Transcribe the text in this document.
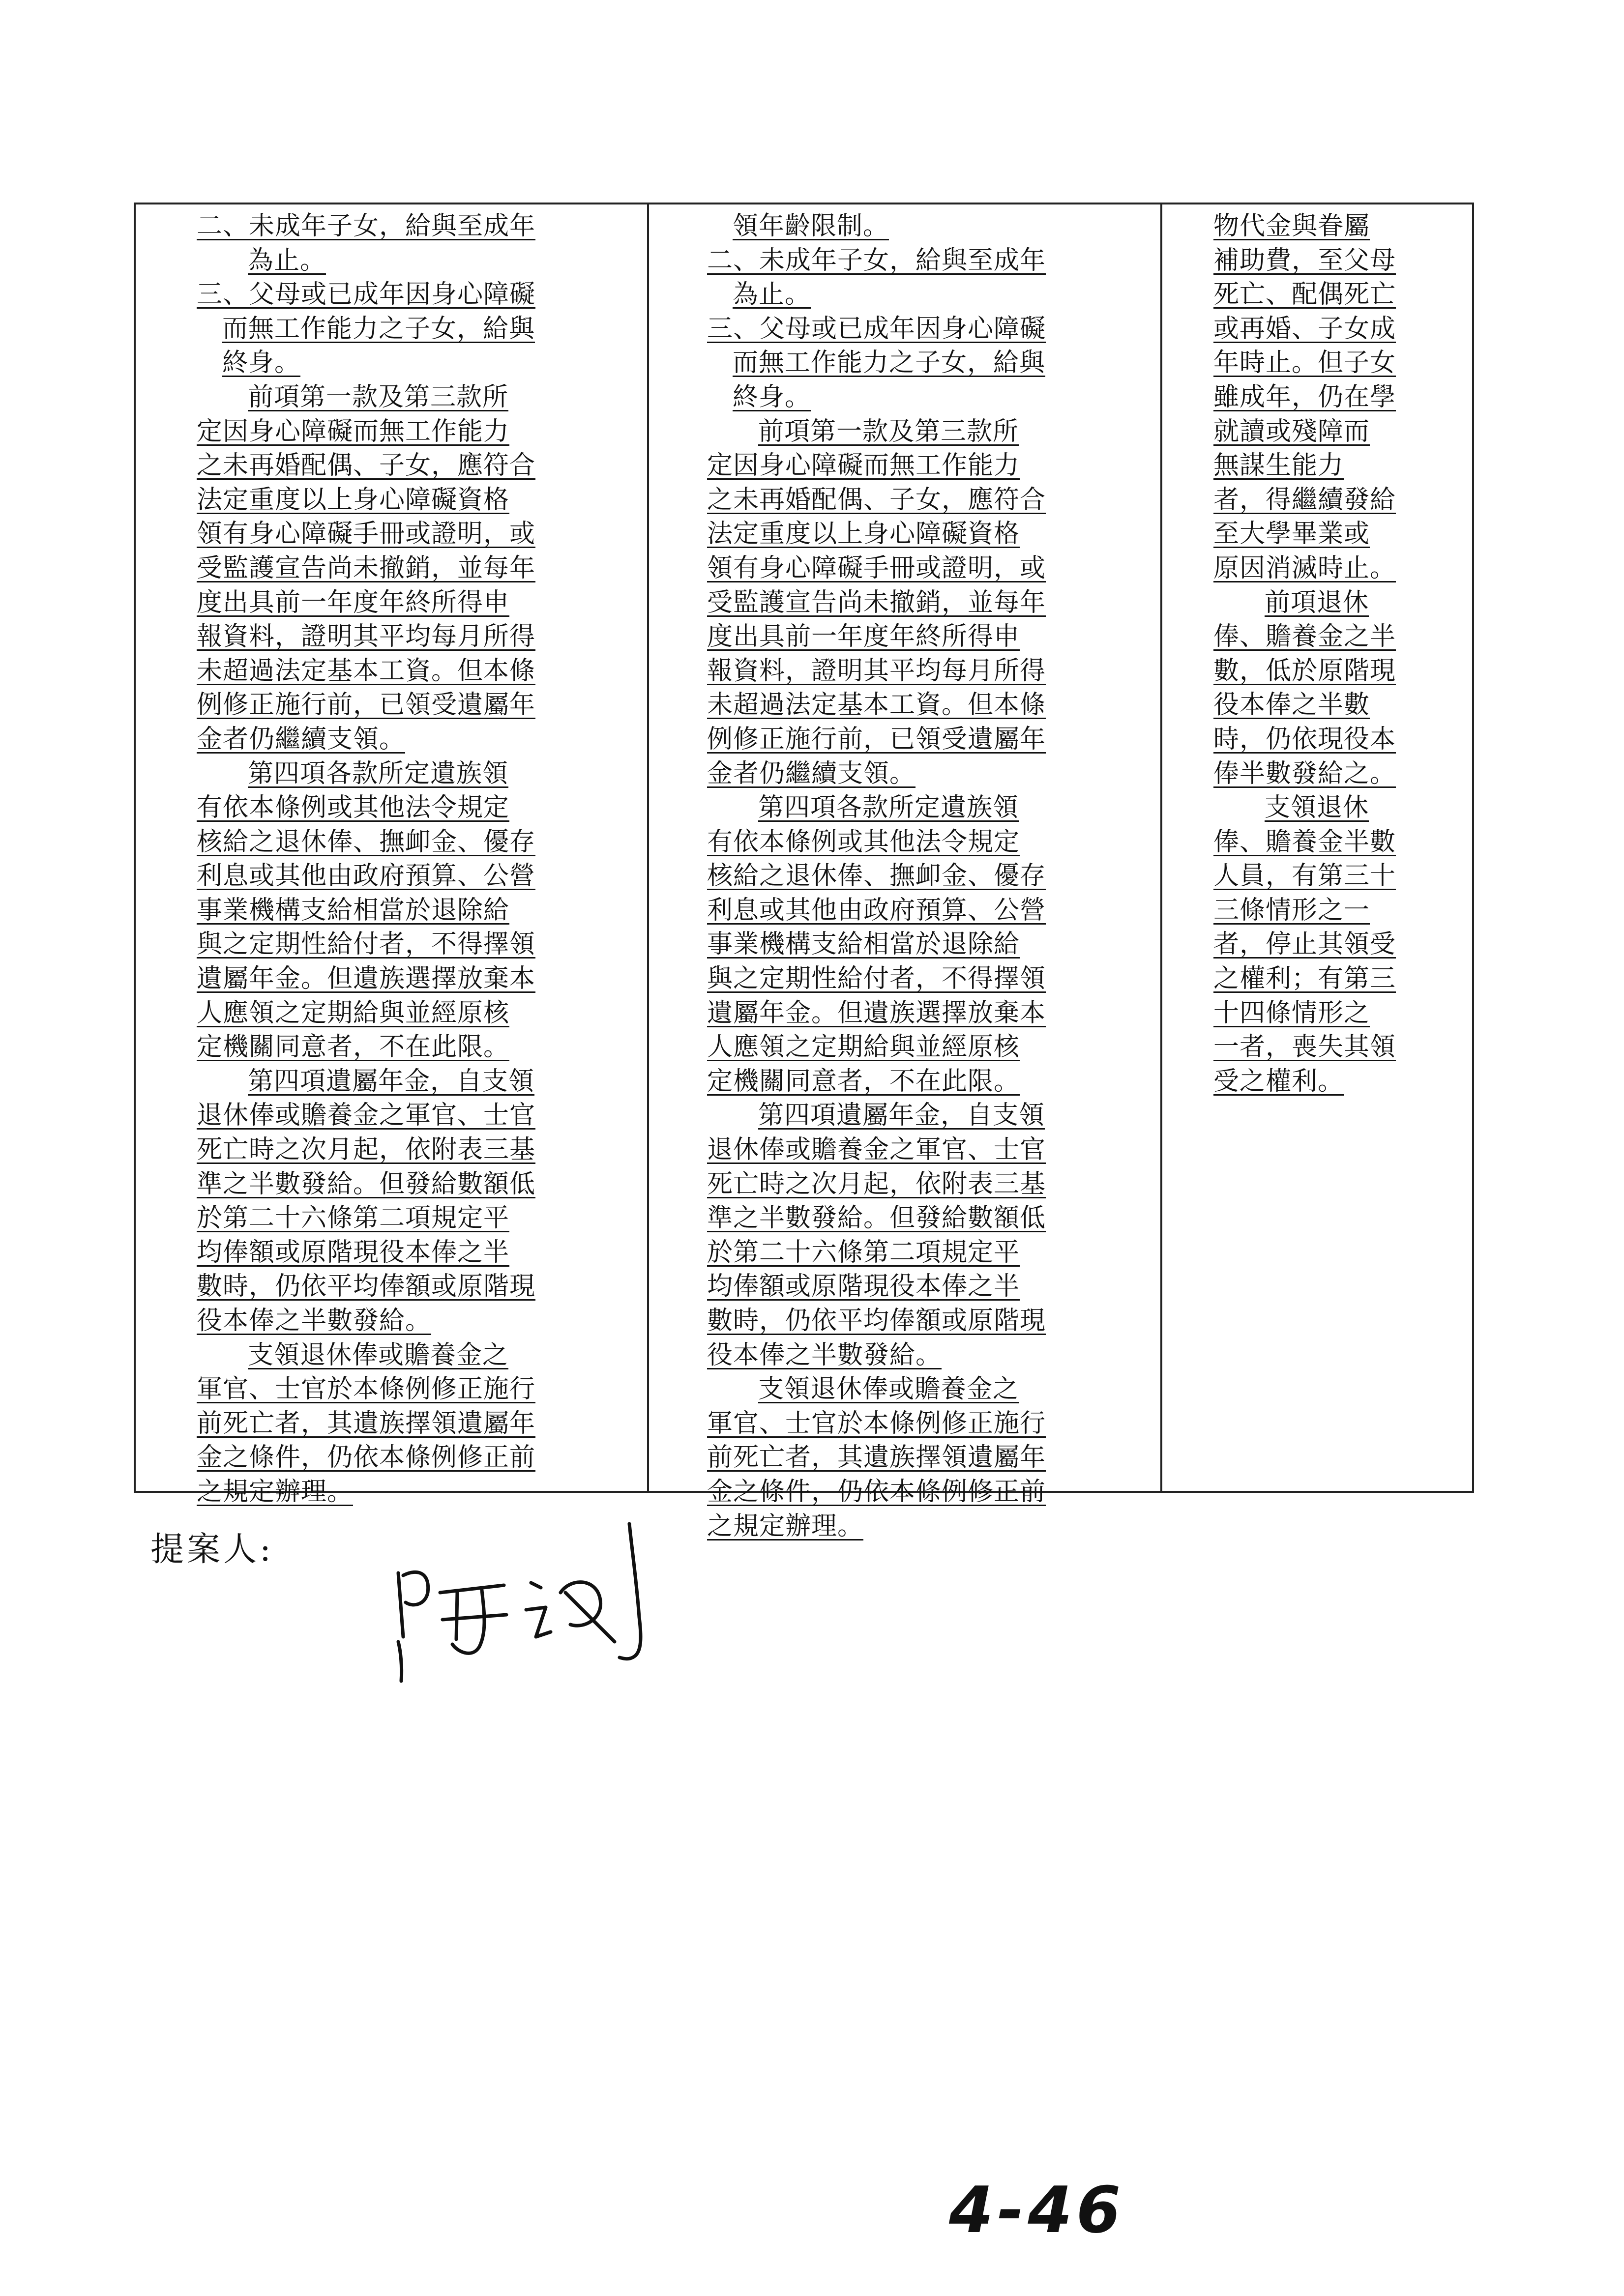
二、未成年子女，給與至成年
為止。
三、父母或已成年因身心障礙
而無工作能力之子女，給與
終身。
前項第一款及第三款所
定因身心障礙而無工作能力
之未再婚配偶、子女，應符合
法定重度以上身心障礙資格
領有身心障礙手冊或證明，或
受監護宣告尚未撤銷，並每年
度出具前一年度年終所得申
報資料，證明其平均每月所得
未超過法定基本工資。但本條
例修正施行前，已領受遺屬年
金者仍繼續支領。
第四項各款所定遺族領
有依本條例或其他法令規定
核給之退休俸、撫卹金、優存
利息或其他由政府預算、公營
事業機構支給相當於退除給
與之定期性給付者，不得擇領
遺屬年金。但遺族選擇放棄本
人應領之定期給與並經原核
定機關同意者，不在此限。
第四項遺屬年金，自支領
退休俸或贍養金之軍官、士官
死亡時之次月起，依附表三基
準之半數發給。但發給數額低
於第二十六條第二項規定平
均俸額或原階現役本俸之半
數時，仍依平均俸額或原階現
役本俸之半數發給。
支領退休俸或贍養金之
軍官、士官於本條例修正施行
前死亡者，其遺族擇領遺屬年
金之條件，仍依本條例修正前
之規定辦理。
領年齡限制。
二、未成年子女，給與至成年
為止。
三、父母或已成年因身心障礙
而無工作能力之子女，給與
終身。
前項第一款及第三款所
定因身心障礙而無工作能力
之未再婚配偶、子女，應符合
法定重度以上身心障礙資格
領有身心障礙手冊或證明，或
受監護宣告尚未撤銷，並每年
度出具前一年度年終所得申
報資料，證明其平均每月所得
未超過法定基本工資。但本條
例修正施行前，已領受遺屬年
金者仍繼續支領。
第四項各款所定遺族領
有依本條例或其他法令規定
核給之退休俸、撫卹金、優存
利息或其他由政府預算、公營
事業機構支給相當於退除給
與之定期性給付者，不得擇領
遺屬年金。但遺族選擇放棄本
人應領之定期給與並經原核
定機關同意者，不在此限。
第四項遺屬年金，自支領
退休俸或贍養金之軍官、士官
死亡時之次月起，依附表三基
準之半數發給。但發給數額低
於第二十六條第二項規定平
均俸額或原階現役本俸之半
數時，仍依平均俸額或原階現
役本俸之半數發給。
支領退休俸或贍養金之
軍官、士官於本條例修正施行
前死亡者，其遺族擇領遺屬年
金之條件，仍依本條例修正前
之規定辦理。
物代金與眷屬
補助費，至父母
死亡、配偶死亡
或再婚、子女成
年時止。但子女
雖成年，仍在學
就讀或殘障而
無謀生能力
者，得繼續發給
至大學畢業或
原因消滅時止。
前項退休
俸、贍養金之半
數，低於原階現
役本俸之半數
時，仍依現役本
俸半數發給之。
支領退休
俸、贍養金半數
人員，有第三十
三條情形之一
者，停止其領受
之權利；有第三
十四條情形之
一者，喪失其領
受之權利。
提案人:
4-46
